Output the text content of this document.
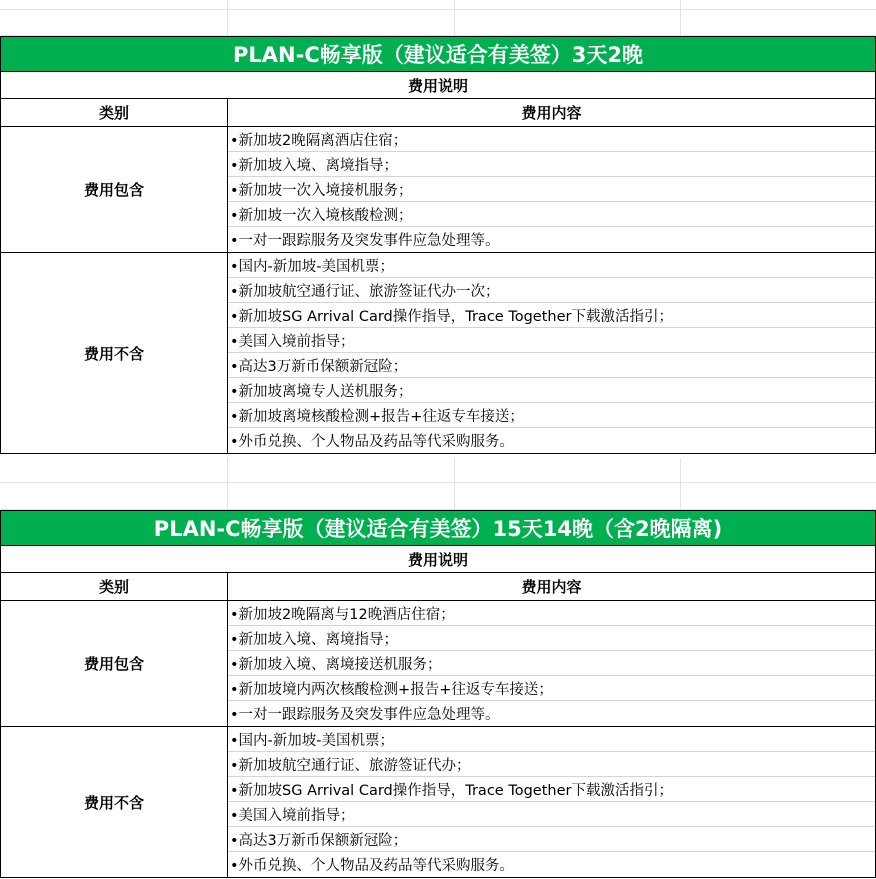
PLAN-C畅享版（建议适合有美签）3天2晚
费用说明
类别	费用内容
费用包含
•新加坡2晚隔离酒店住宿；
•新加坡入境、离境指导；
•新加坡一次入境接机服务；
•新加坡一次入境核酸检测；
•一对一跟踪服务及突发事件应急处理等。
费用不含
•国内-新加坡-美国机票；
•新加坡航空通行证、旅游签证代办一次；
•新加坡SG Arrival Card操作指导，Trace Together下载激活指引；
•美国入境前指导；
•高达3万新币保额新冠险；
•新加坡离境专人送机服务；
•新加坡离境核酸检测+报告+往返专车接送；
•外币兑换、个人物品及药品等代采购服务。
PLAN-C畅享版（建议适合有美签）15天14晚（含2晚隔离)
费用说明
类别	费用内容
费用包含
•新加坡2晚隔离与12晚酒店住宿；
•新加坡入境、离境指导；
•新加坡入境、离境接送机服务；
•新加坡境内两次核酸检测+报告+往返专车接送；
•一对一跟踪服务及突发事件应急处理等。
费用不含
•国内-新加坡-美国机票；
•新加坡航空通行证、旅游签证代办；
•新加坡SG Arrival Card操作指导，Trace Together下载激活指引；
•美国入境前指导；
•高达3万新币保额新冠险；
•外币兑换、个人物品及药品等代采购服务。
